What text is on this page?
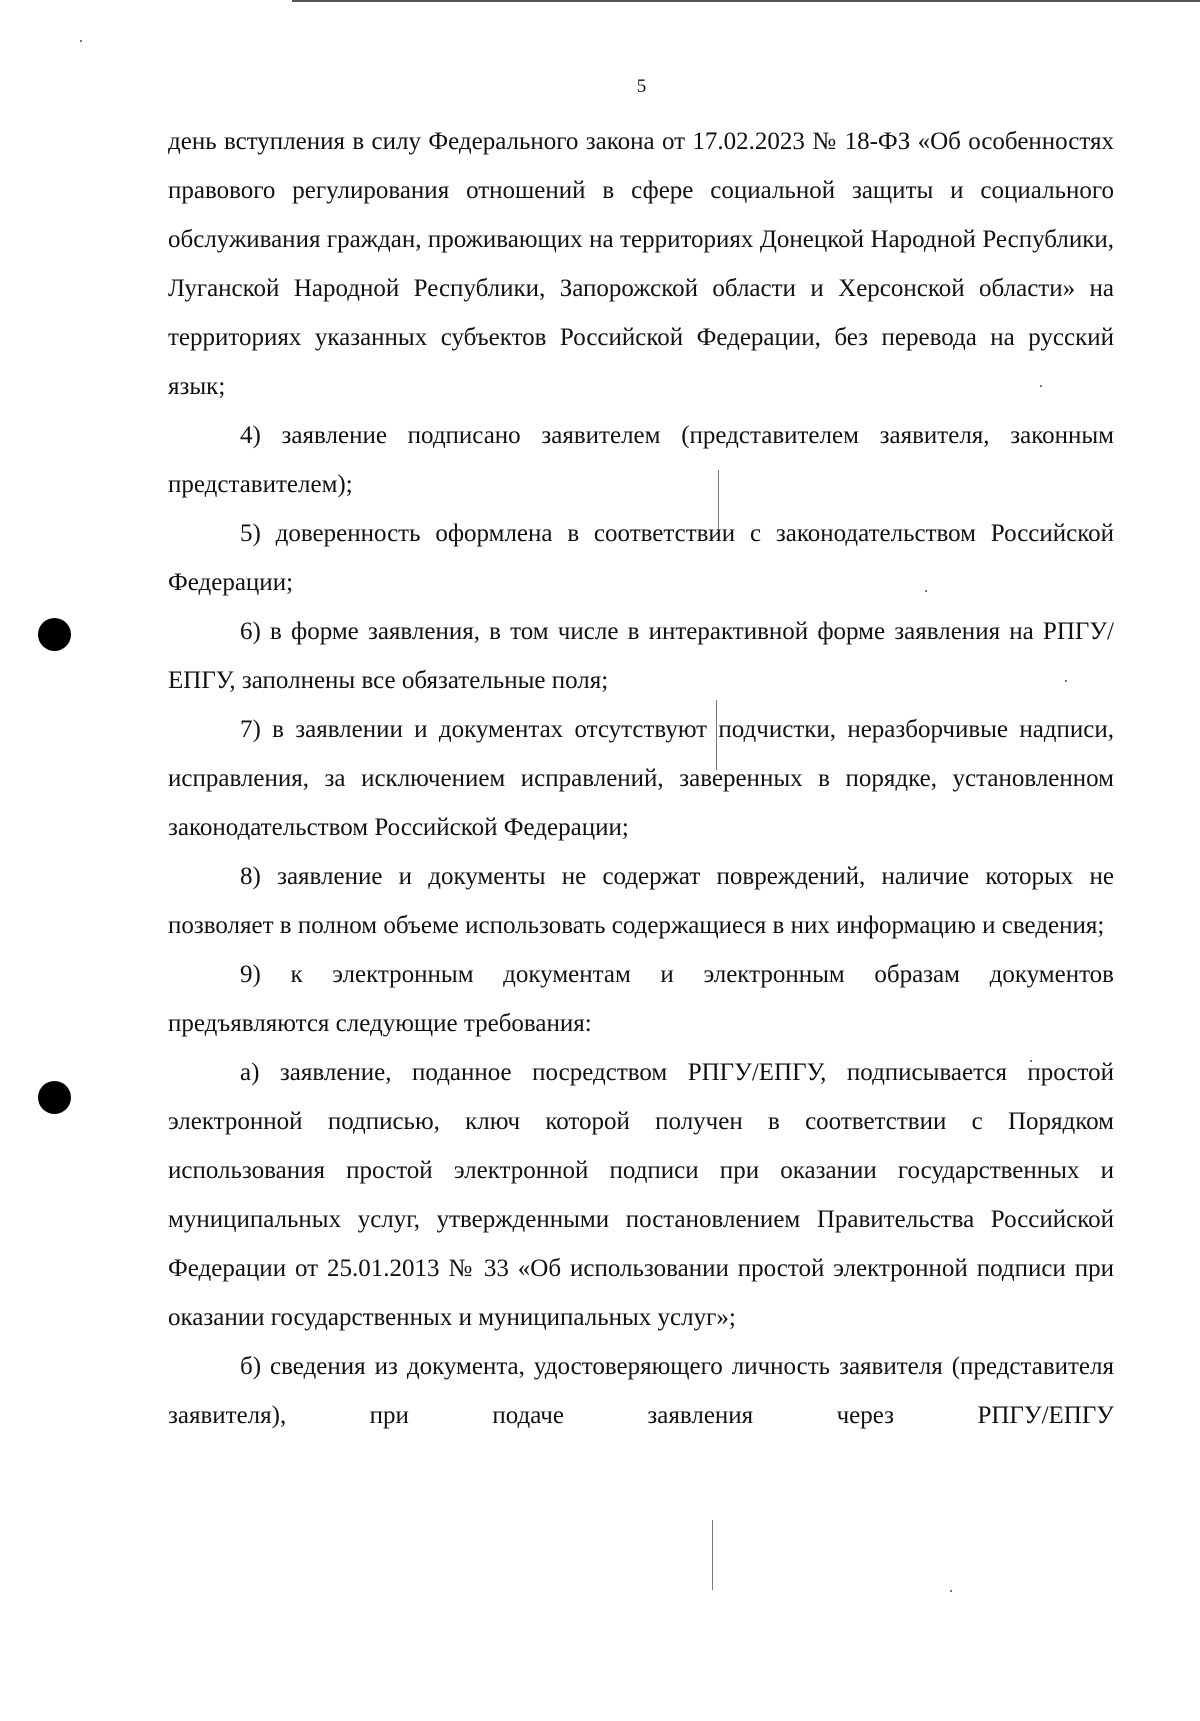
5

день вступления в силу Федерального закона от 17.02.2023 № 18-ФЗ «Об особенностях правового регулирования отношений в сфере социальной защиты и социального обслуживания граждан, проживающих на территориях Донецкой Народной Республики, Луганской Народной Республики, Запорожской области и Херсонской области» на территориях указанных субъектов Российской Федерации, без перевода на русский язык;

4) заявление подписано заявителем (представителем заявителя, законным представителем);

5) доверенность оформлена в соответствии с законодательством Российской Федерации;

6) в форме заявления, в том числе в интерактивной форме заявления на РПГУ/ЕПГУ, заполнены все обязательные поля;

7) в заявлении и документах отсутствуют подчистки, неразборчивые надписи, исправления, за исключением исправлений, заверенных в порядке, установленном законодательством Российской Федерации;

8) заявление и документы не содержат повреждений, наличие которых не позволяет в полном объеме использовать содержащиеся в них информацию и сведения;

9) к электронным документам и электронным образам документов предъявляются следующие требования:

а) заявление, поданное посредством РПГУ/ЕПГУ, подписывается простой электронной подписью, ключ которой получен в соответствии с Порядком использования простой электронной подписи при оказании государственных и муниципальных услуг, утвержденными постановлением Правительства Российской Федерации от 25.01.2013 № 33 «Об использовании простой электронной подписи при оказании государственных и муниципальных услуг»;

б) сведения из документа, удостоверяющего личность заявителя (представителя заявителя), при подаче заявления через РПГУ/ЕПГУ
